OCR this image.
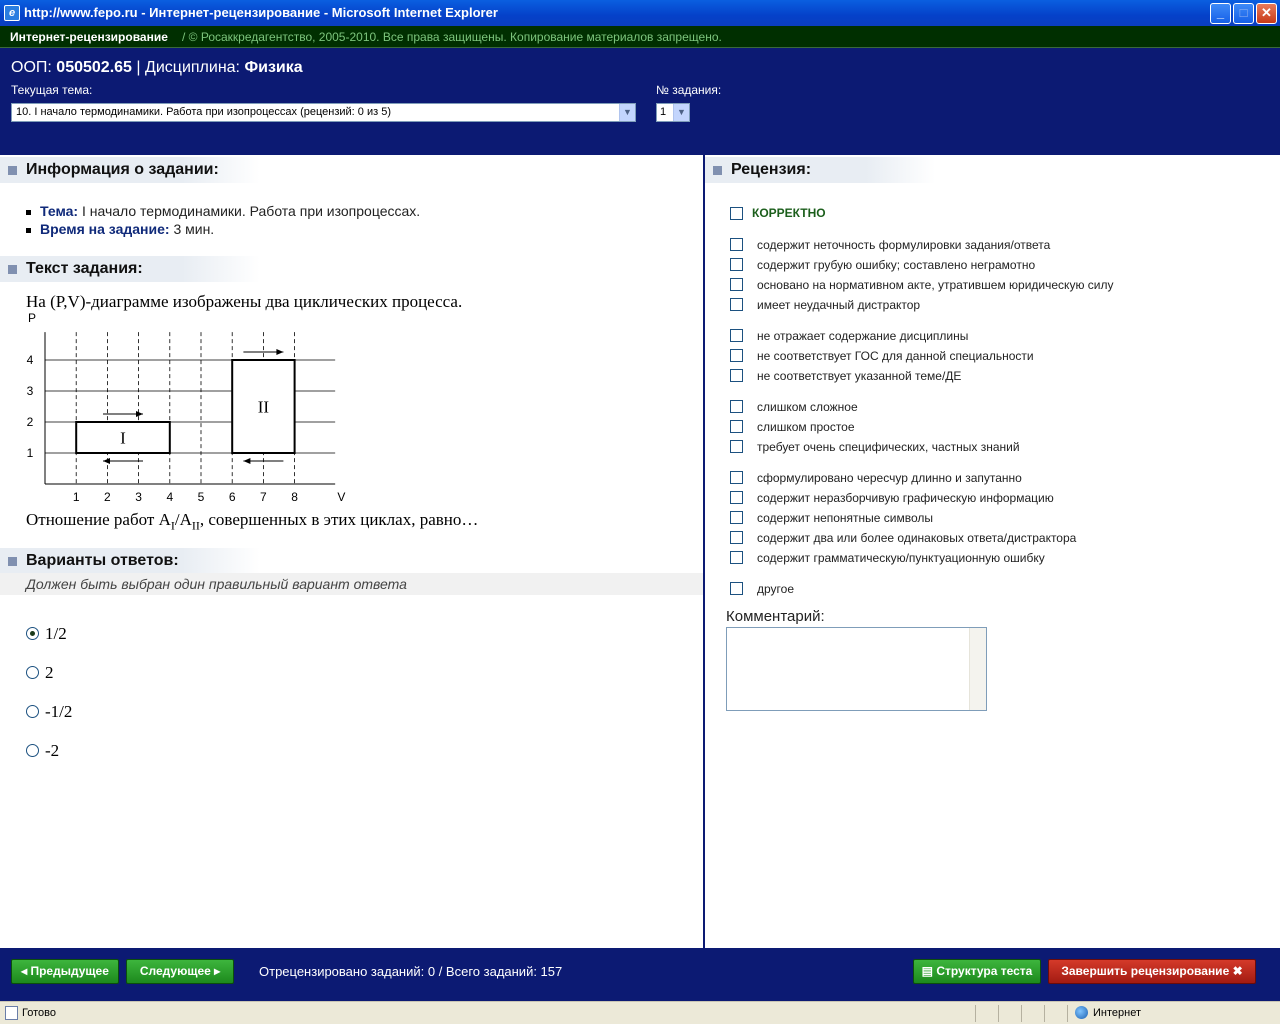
e http://www.fepo.ru - Интернет-рецензирование - Microsoft Internet Explorer	_	□	✕
Интернет-рецензирование / © Росаккредагентство, 2005-2010. Все права защищены. Копирование материалов запрещено.
ООП: 050502.65 | Дисциплина: Физика
Текущая тема:
10. I начало термодинамики. Работа при изопроцессах (рецензий: 0 из 5)	▼
№ задания:
1	▼
Информация о задании:
Тема: I начало термодинамики. Работа при изопроцессах.
Время на задание: 3 мин.
Текст задания:
На (P,V)-диаграмме изображены два циклических процесса.
1 2 3 4 5 6 7 8
1
2
3
4
V
P
I
II
Отношение работ $A_I/A_{II}$, совершенных в этих циклах, равно…
Варианты ответов:
Должен быть выбран один правильный вариант ответа
1/2
2
-1/2
-2
Рецензия:
КОРРЕКТНО
содержит неточность формулировки задания/ответа
содержит грубую ошибку; составлено неграмотно
основано на нормативном акте, утратившем юридическую силу
имеет неудачный дистрактор
не отражает содержание дисциплины
не соответствует ГОС для данной специальности
не соответствует указанной теме/ДЕ
слишком сложное
слишком простое
требует очень специфических, частных знаний
сформулировано чересчур длинно и запутанно
содержит неразборчивую графическую информацию
содержит непонятные символы
содержит два или более одинаковых ответа/дистрактора
содержит грамматическую/пунктуационную ошибку
другое
Комментарий:
◂ Предыдущее	Следующее ▸	Отрецензировано заданий: 0 / Всего заданий: 157	▤ Структура теста	Завершить рецензирование ✖
Готово	Интернет
